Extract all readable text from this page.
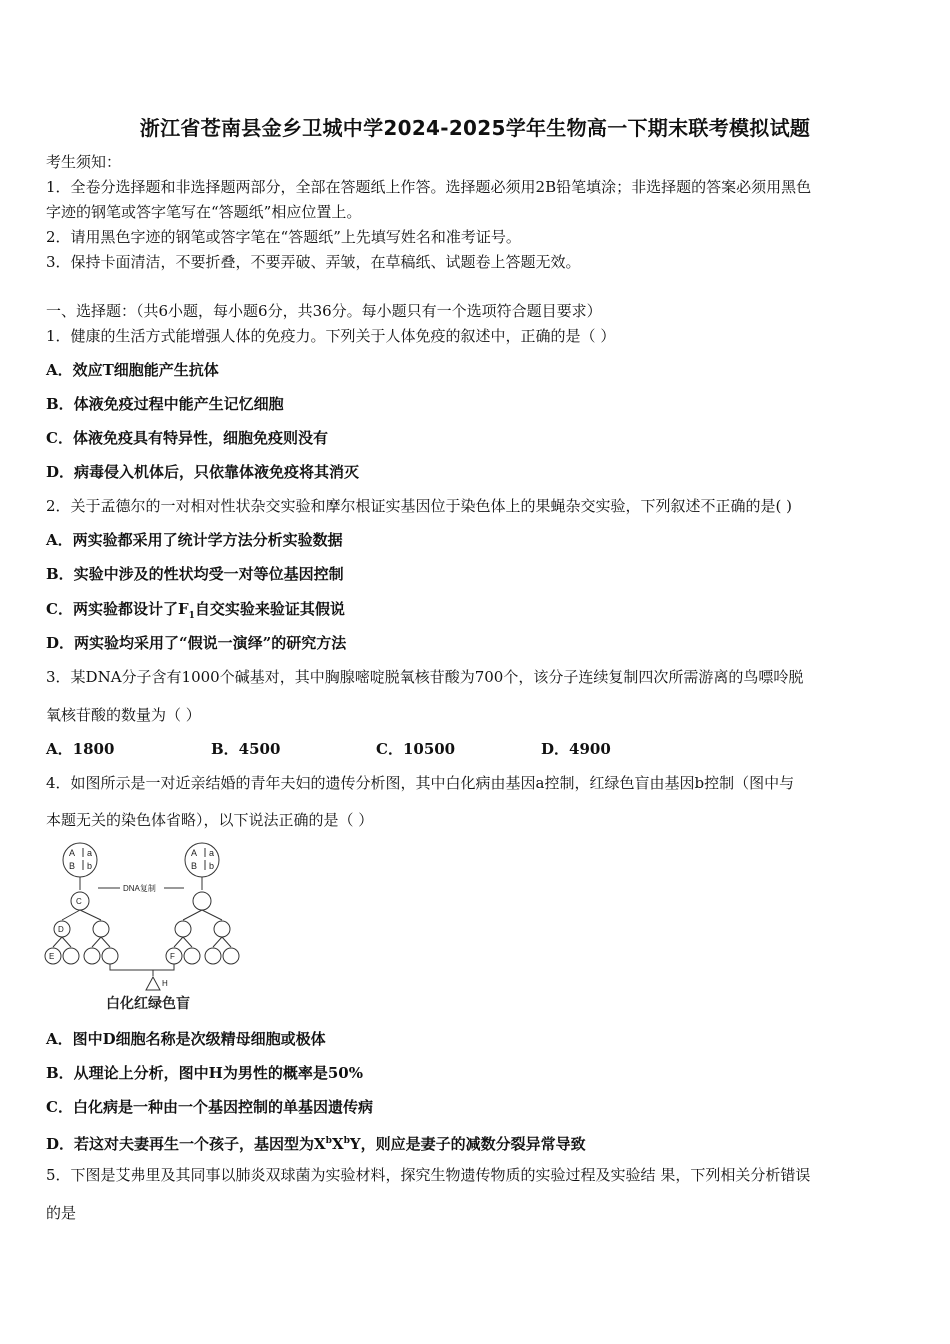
浙江省苍南县金乡卫城中学2024-2025学年生物高一下期末联考模拟试题
考生须知：
1．全卷分选择题和非选择题两部分，全部在答题纸上作答。选择题必须用2B铅笔填涂；非选择题的答案必须用黑色
字迹的钢笔或答字笔写在“答题纸”相应位置上。
2．请用黑色字迹的钢笔或答字笔在“答题纸”上先填写姓名和准考证号。
3．保持卡面清洁，不要折叠，不要弄破、弄皱，在草稿纸、试题卷上答题无效。
一、选择题：（共6小题，每小题6分，共36分。每小题只有一个选项符合题目要求）
1．健康的生活方式能增强人体的免疫力。下列关于人体免疫的叙述中，正确的是（ ）
A．效应T细胞能产生抗体
B．体液免疫过程中能产生记忆细胞
C．体液免疫具有特异性，细胞免疫则没有
D．病毒侵入机体后，只依靠体液免疫将其消灭
2．关于孟德尔的一对相对性状杂交实验和摩尔根证实基因位于染色体上的果蝇杂交实验，下列叙述不正确的是( )
A．两实验都采用了统计学方法分析实验数据
B．实验中涉及的性状均受一对等位基因控制
C．两实验都设计了$F_1$自交实验来验证其假说
D．两实验均采用了“假说一演绎”的研究方法
3．某DNA分子含有1000个碱基对，其中胸腺嘧啶脱氧核苷酸为700个，该分子连续复制四次所需游离的鸟嘌呤脱
氧核苷酸的数量为（ ）
A．1800	B．4500	C．10500	D．4900
4．如图所示是一对近亲结婚的青年夫妇的遗传分析图，其中白化病由基因a控制，红绿色盲由基因b控制（图中与
本题无关的染色体省略），以下说法正确的是（ ）
A a
B b
A a
B b
DNA复制
C
D
E	F
H
白化红绿色盲
A．图中D细胞名称是次级精母细胞或极体
B．从理论上分析，图中H为男性的概率是50%
C．白化病是一种由一个基因控制的单基因遗传病
D．若这对夫妻再生一个孩子，基因型为$X^bX^bY$，则应是妻子的减数分裂异常导致
5．下图是艾弗里及其同事以肺炎双球菌为实验材料，探究生物遗传物质的实验过程及实验结 果，下列相关分析错误
的是
